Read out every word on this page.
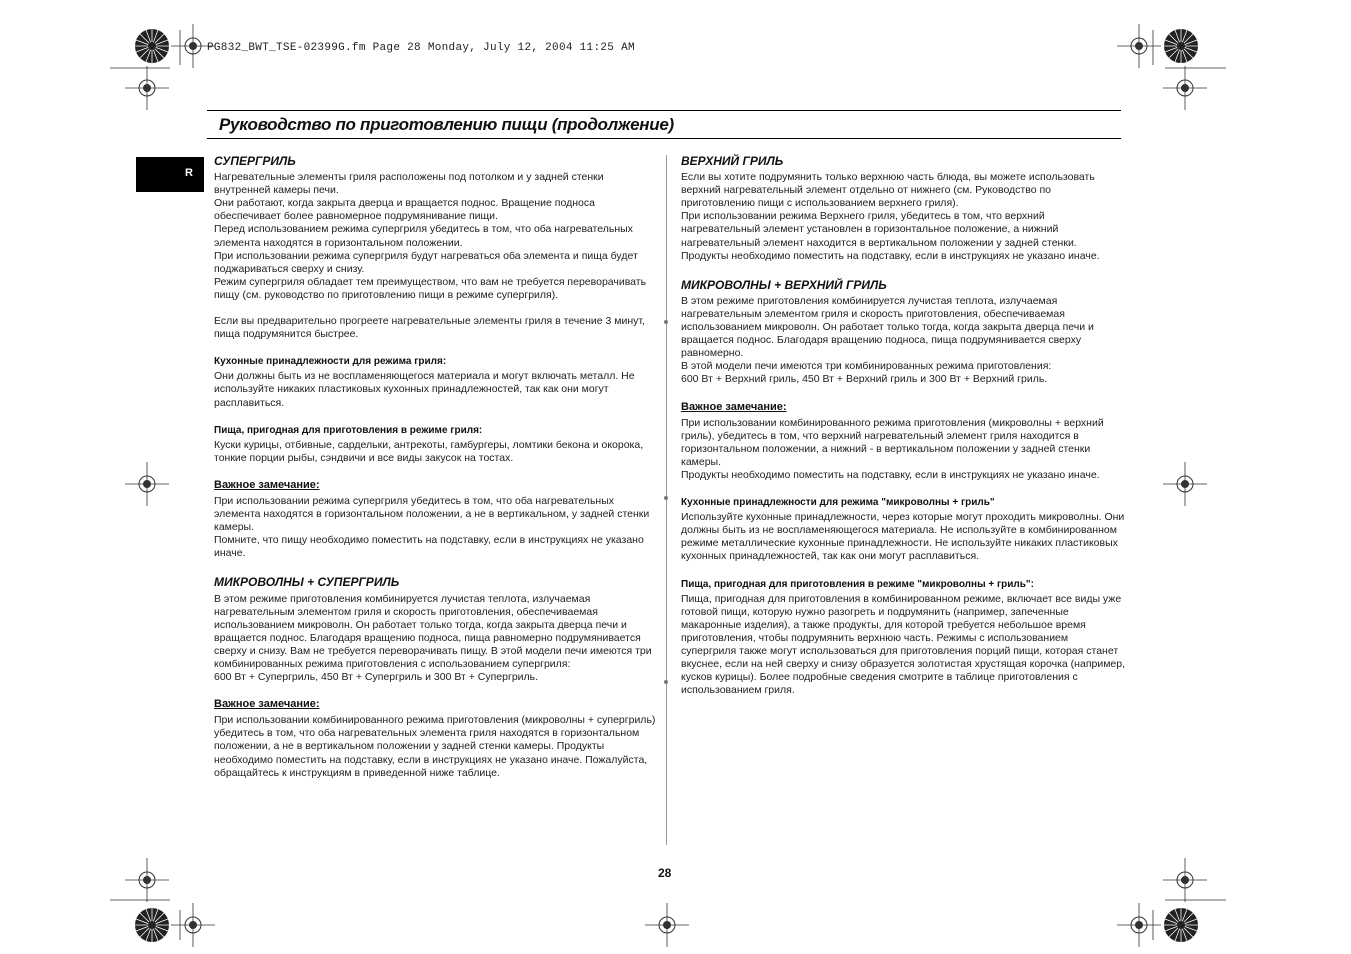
PG832_BWT_TSE-02399G.fm Page 28 Monday, July 12, 2004 11:25 AM
Руководство по приготовлению пищи (продолжение)
R
СУПЕРГРИЛЬ

Нагревательные элементы гриля расположены под потолком и у задней стенки внутренней камеры печи.

Они работают, когда закрыта дверца и вращается поднос. Вращение подноса обеспечивает более равномерное подрумянивание пищи.

Перед использованием режима супергриля убедитесь в том, что оба нагревательных элемента находятся в горизонтальном положении.

При использовании режима супергриля будут нагреваться оба элемента и пища будет поджариваться сверху и снизу.

Режим супергриля обладает тем преимуществом, что вам не требуется переворачивать пищу (см. руководство по приготовлению пищи в режиме супергриля).

Если вы предварительно прогреете нагревательные элементы гриля в течение 3 минут, пища подрумянится быстрее.

Кухонные принадлежности для режима гриля:

Они должны быть из не воспламеняющегося материала и могут включать металл. Не используйте никаких пластиковых кухонных принадлежностей, так как они могут расплавиться.

Пища, пригодная для приготовления в режиме гриля:

Куски курицы, отбивные, сардельки, антрекоты, гамбургеры, ломтики бекона и окорока, тонкие порции рыбы, сэндвичи и все виды закусок на тостах.

Важное замечание:

При использовании режима супергриля убедитесь в том, что оба нагревательных элемента находятся в горизонтальном положении, а не в вертикальном, у задней стенки камеры.

Помните, что пищу необходимо поместить на подставку, если в инструкциях не указано иначе.

МИКРОВОЛНЫ + СУПЕРГРИЛЬ

В этом режиме приготовления комбинируется лучистая теплота, излучаемая нагревательным элементом гриля и скорость приготовления, обеспечиваемая использованием микроволн. Он работает только тогда, когда закрыта дверца печи и вращается поднос. Благодаря вращению подноса, пища равномерно подрумянивается сверху и снизу. Вам не требуется переворачивать пищу. В этой модели печи имеются три комбинированных режима приготовления с использованием супергриля:

600 Вт + Супергриль, 450 Вт + Супергриль и 300 Вт + Супергриль.

Важное замечание:

При использовании комбинированного режима приготовления (микроволны + супергриль) убедитесь в том, что оба нагревательных элемента гриля находятся в горизонтальном положении, а не в вертикальном положении у задней стенки камеры. Продукты необходимо поместить на подставку, если в инструкциях не указано иначе. Пожалуйста, обращайтесь к инструкциям в приведенной ниже таблице.

ВЕРХНИЙ ГРИЛЬ

Если вы хотите подрумянить только верхнюю часть блюда, вы можете использовать верхний нагревательный элемент отдельно от нижнего (см. Руководство по приготовлению пищи с использованием верхнего гриля).

При использовании режима Верхнего гриля, убедитесь в том, что верхний нагревательный элемент установлен в горизонтальное положение, а нижний нагревательный элемент находится в вертикальном положении у задней стенки. Продукты необходимо поместить на подставку, если в инструкциях не указано иначе.

МИКРОВОЛНЫ + ВЕРХНИЙ ГРИЛЬ

В этом режиме приготовления комбинируется лучистая теплота, излучаемая нагревательным элементом гриля и скорость приготовления, обеспечиваемая использованием микроволн. Он работает только тогда, когда закрыта дверца печи и вращается поднос. Благодаря вращению подноса, пища подрумянивается сверху равномерно.

В этой модели печи имеются три комбинированных режима приготовления:

600 Вт + Верхний гриль, 450 Вт + Верхний гриль и 300 Вт + Верхний гриль.

Важное замечание:

При использовании комбинированного режима приготовления (микроволны + верхний гриль), убедитесь в том, что верхний нагревательный элемент гриля находится в горизонтальном положении, а нижний - в вертикальном положении у задней стенки камеры.

Продукты необходимо поместить на подставку, если в инструкциях не указано иначе.

Кухонные принадлежности для режима "микроволны + гриль"

Используйте кухонные принадлежности, через которые могут проходить микроволны. Они должны быть из не воспламеняющегося материала. Не используйте в комбинированном режиме металлические кухонные принадлежности. Не используйте никаких пластиковых кухонных принадлежностей, так как они могут расплавиться.

Пища, пригодная для приготовления в режиме "микроволны + гриль":

Пища, пригодная для приготовления в комбинированном режиме, включает все виды уже готовой пищи, которую нужно разогреть и подрумянить (например, запеченные макаронные изделия), а также продукты, для которой требуется небольшое время приготовления, чтобы подрумянить верхнюю часть. Режимы с использованием супергриля также могут использоваться для приготовления порций пищи, которая станет вкуснее, если на ней сверху и снизу образуется золотистая хрустящая корочка (например, кусков курицы). Более подробные сведения смотрите в таблице приготовления с использованием гриля.

28
